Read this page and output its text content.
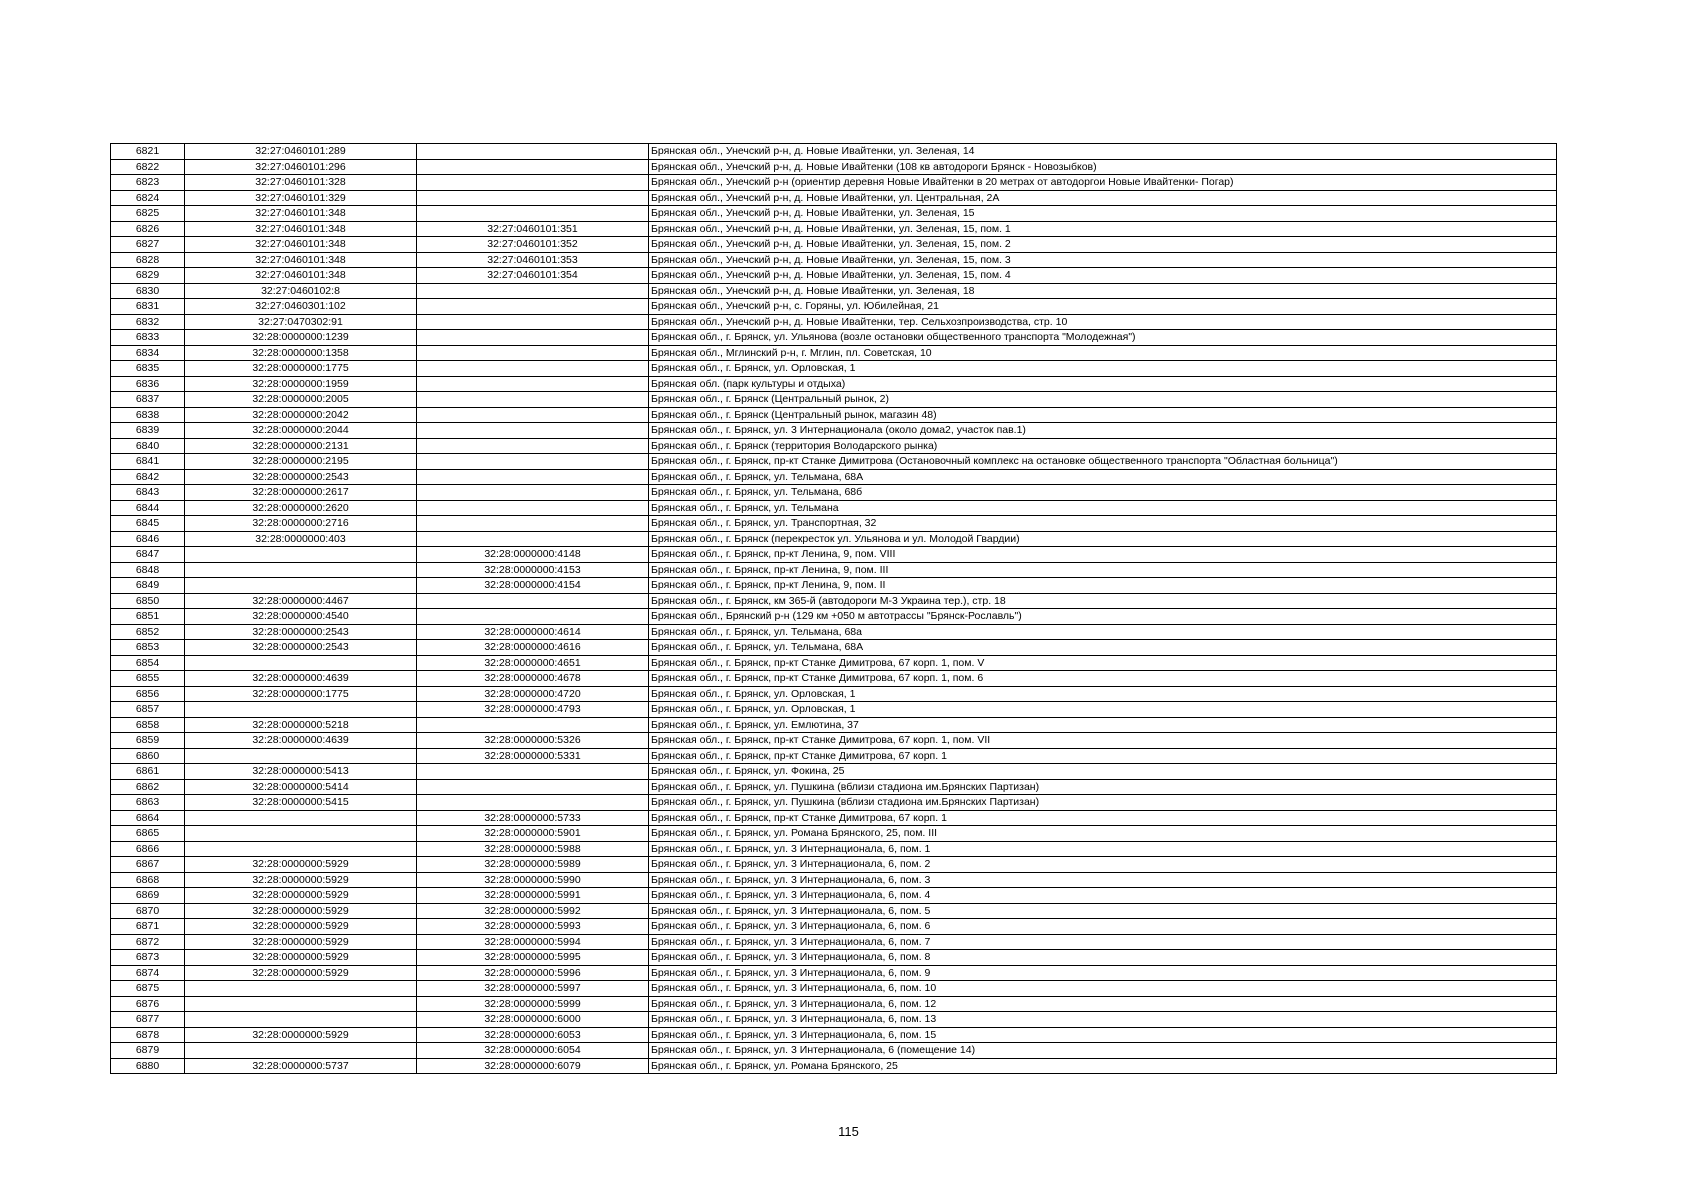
6821	32:27:0460101:289		Брянская обл., Унечский р-н, д. Новые Ивайтенки, ул. Зеленая, 14
6822	32:27:0460101:296		Брянская обл., Унечский р-н, д. Новые Ивайтенки (108 кв автодороги Брянск - Новозыбков)
6823	32:27:0460101:328		Брянская обл., Унечский р-н (ориентир деревня Новые Ивайтенки в 20 метрах от автодоргои Новые Ивайтенки- Погар)
6824	32:27:0460101:329		Брянская обл., Унечский р-н, д. Новые Ивайтенки, ул. Центральная, 2А
6825	32:27:0460101:348		Брянская обл., Унечский р-н, д. Новые Ивайтенки, ул. Зеленая, 15
6826	32:27:0460101:348	32:27:0460101:351	Брянская обл., Унечский р-н, д. Новые Ивайтенки, ул. Зеленая, 15, пом. 1
6827	32:27:0460101:348	32:27:0460101:352	Брянская обл., Унечский р-н, д. Новые Ивайтенки, ул. Зеленая, 15, пом. 2
6828	32:27:0460101:348	32:27:0460101:353	Брянская обл., Унечский р-н, д. Новые Ивайтенки, ул. Зеленая, 15, пом. 3
6829	32:27:0460101:348	32:27:0460101:354	Брянская обл., Унечский р-н, д. Новые Ивайтенки, ул. Зеленая, 15, пом. 4
6830	32:27:0460102:8		Брянская обл., Унечский р-н, д. Новые Ивайтенки, ул. Зеленая, 18
6831	32:27:0460301:102		Брянская обл., Унечский р-н, с. Горяны, ул. Юбилейная, 21
6832	32:27:0470302:91		Брянская обл., Унечский р-н, д. Новые Ивайтенки, тер. Сельхозпроизводства, стр. 10
6833	32:28:0000000:1239		Брянская обл., г. Брянск, ул. Ульянова (возле остановки общественного транспорта "Молодежная")
6834	32:28:0000000:1358		Брянская обл., Мглинский р-н, г. Мглин, пл. Советская, 10
6835	32:28:0000000:1775		Брянская обл., г. Брянск, ул. Орловская, 1
6836	32:28:0000000:1959		Брянская обл. (парк культуры и отдыха)
6837	32:28:0000000:2005		Брянская обл., г. Брянск (Центральный рынок, 2)
6838	32:28:0000000:2042		Брянская обл., г. Брянск (Центральный рынок, магазин 48)
6839	32:28:0000000:2044		Брянская обл., г. Брянск, ул. 3 Интернационала (около дома2, участок пав.1)
6840	32:28:0000000:2131		Брянская обл., г. Брянск (территория Володарского рынка)
6841	32:28:0000000:2195		Брянская обл., г. Брянск, пр-кт Станке Димитрова (Остановочный комплекс на остановке общественного транспорта "Областная больница")
6842	32:28:0000000:2543		Брянская обл., г. Брянск, ул. Тельмана, 68А
6843	32:28:0000000:2617		Брянская обл., г. Брянск, ул. Тельмана, 68б
6844	32:28:0000000:2620		Брянская обл., г. Брянск, ул. Тельмана
6845	32:28:0000000:2716		Брянская обл., г. Брянск, ул. Транспортная, 32
6846	32:28:0000000:403		Брянская обл., г. Брянск (перекресток ул. Ульянова и ул. Молодой Гвардии)
6847		32:28:0000000:4148	Брянская обл., г. Брянск, пр-кт Ленина, 9, пом. VIII
6848		32:28:0000000:4153	Брянская обл., г. Брянск, пр-кт Ленина, 9, пом. III
6849		32:28:0000000:4154	Брянская обл., г. Брянск, пр-кт Ленина, 9, пом. II
6850	32:28:0000000:4467		Брянская обл., г. Брянск, км 365-й (автодороги М-3 Украина тер.), стр. 18
6851	32:28:0000000:4540		Брянская обл., Брянский р-н (129 км +050 м автотрассы "Брянск-Рославль")
6852	32:28:0000000:2543	32:28:0000000:4614	Брянская обл., г. Брянск, ул. Тельмана, 68а
6853	32:28:0000000:2543	32:28:0000000:4616	Брянская обл., г. Брянск, ул. Тельмана, 68А
6854		32:28:0000000:4651	Брянская обл., г. Брянск, пр-кт Станке Димитрова, 67 корп. 1, пом. V
6855	32:28:0000000:4639	32:28:0000000:4678	Брянская обл., г. Брянск, пр-кт Станке Димитрова, 67 корп. 1, пом. 6
6856	32:28:0000000:1775	32:28:0000000:4720	Брянская обл., г. Брянск, ул. Орловская, 1
6857		32:28:0000000:4793	Брянская обл., г. Брянск, ул. Орловская, 1
6858	32:28:0000000:5218		Брянская обл., г. Брянск, ул. Емлютина, 37
6859	32:28:0000000:4639	32:28:0000000:5326	Брянская обл., г. Брянск, пр-кт Станке Димитрова, 67 корп. 1, пом. VII
6860		32:28:0000000:5331	Брянская обл., г. Брянск, пр-кт Станке Димитрова, 67 корп. 1
6861	32:28:0000000:5413		Брянская обл., г. Брянск, ул. Фокина, 25
6862	32:28:0000000:5414		Брянская обл., г. Брянск, ул. Пушкина (вблизи стадиона им.Брянских Партизан)
6863	32:28:0000000:5415		Брянская обл., г. Брянск, ул. Пушкина (вблизи стадиона им.Брянских Партизан)
6864		32:28:0000000:5733	Брянская обл., г. Брянск, пр-кт Станке Димитрова, 67 корп. 1
6865		32:28:0000000:5901	Брянская обл., г. Брянск, ул. Романа Брянского, 25, пом. III
6866		32:28:0000000:5988	Брянская обл., г. Брянск, ул. 3 Интернационала, 6, пом. 1
6867	32:28:0000000:5929	32:28:0000000:5989	Брянская обл., г. Брянск, ул. 3 Интернационала, 6, пом. 2
6868	32:28:0000000:5929	32:28:0000000:5990	Брянская обл., г. Брянск, ул. 3 Интернационала, 6, пом. 3
6869	32:28:0000000:5929	32:28:0000000:5991	Брянская обл., г. Брянск, ул. 3 Интернационала, 6, пом. 4
6870	32:28:0000000:5929	32:28:0000000:5992	Брянская обл., г. Брянск, ул. 3 Интернационала, 6, пом. 5
6871	32:28:0000000:5929	32:28:0000000:5993	Брянская обл., г. Брянск, ул. 3 Интернационала, 6, пом. 6
6872	32:28:0000000:5929	32:28:0000000:5994	Брянская обл., г. Брянск, ул. 3 Интернационала, 6, пом. 7
6873	32:28:0000000:5929	32:28:0000000:5995	Брянская обл., г. Брянск, ул. 3 Интернационала, 6, пом. 8
6874	32:28:0000000:5929	32:28:0000000:5996	Брянская обл., г. Брянск, ул. 3 Интернационала, 6, пом. 9
6875		32:28:0000000:5997	Брянская обл., г. Брянск, ул. 3 Интернационала, 6, пом. 10
6876		32:28:0000000:5999	Брянская обл., г. Брянск, ул. 3 Интернационала, 6, пом. 12
6877		32:28:0000000:6000	Брянская обл., г. Брянск, ул. 3 Интернационала, 6, пом. 13
6878	32:28:0000000:5929	32:28:0000000:6053	Брянская обл., г. Брянск, ул. 3 Интернационала, 6, пом. 15
6879		32:28:0000000:6054	Брянская обл., г. Брянск, ул. 3 Интернационала, 6 (помещение 14)
6880	32:28:0000000:5737	32:28:0000000:6079	Брянская обл., г. Брянск, ул. Романа Брянского, 25
115
